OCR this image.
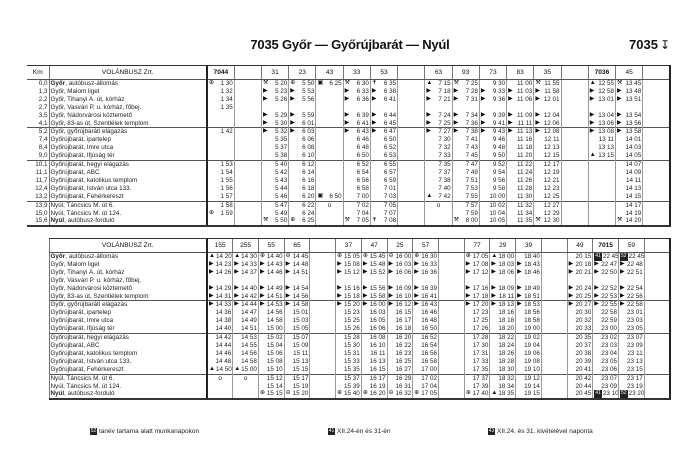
7035 Győr — Győrújbarát — Nyúl	7035 ↧
Km	VOLÁNBUSZ Zrt.	7044		31	23	43	33	53		63	93	73	83	35		7036	45	
0,0	Győr, autóbusz-állomás	⊕ 1 30		⚒ 5 20	⊕ 5 50	▣ 6 25	⚒ 6 30	✝ 6 35		▲ 7 15	⚒ 7 25	9 30	11 00	⚒ 11 55		▲ 12 55	⚒ 13 45	
1,3	Győr, Malom liget	1 32		▶ 5 23	▶ 5 53		▶ 6 33	▶ 6 38		▶ 7 18	▶ 7 28	▶ 9 33	▶ 11 03	▶ 11 58		▶ 12 58	▶ 13 48	
2,2	Győr, Tihanyi Á. út, kórház	1 34		▶ 5 26	▶ 5 56		▶ 6 36	▶ 6 41		▶ 7 21	▶ 7 31	▶ 9 36	▶ 11 06	▶ 12 01		▶ 13 01	▶ 13 51	
2,7	Győr, Vasvári P. u. kórház, főbej.	1 35																
3,5	Győr, Nádorvárosi köztemető			▶ 5 29	▶ 5 59		▶ 6 39	▶ 6 44		▶ 7 24	▶ 7 34	▶ 9 39	▶ 11 09	▶ 12 04		▶ 13 04	▶ 13 54	
4,1	Győr, 83-as út, Szentlélek templom			▶ 5 30	▶ 6 01		▶ 6 41	▶ 6 45		▶ 7 25	▶ 7 36	▶ 9 41	▶ 11 11	▶ 12 06		▶ 13 06	▶ 13 56	
5,2	Győr, győrújbaráti elágazás	1 42		▶ 5 32	▶ 6 03		▶ 6 43	▶ 6 47		▶ 7 27	▶ 7 38	▶ 9 43	▶ 11 13	▶ 12 08		▶ 13 08	▶ 13 58	
7,4	Győrújbarát, ipartelep			5 35	6 06		6 46	6 50		7 30	7 41	9 46	11 16	12 11		13 11	14 01	
8,4	Győrújbarát, Imre utca			5 37	6 08		6 48	6 52		7 32	7 43	9 48	11 18	12 13		13 13	14 03	
9,0	Győrújbarát, Ifjúság tér			5 38	6 10		6 50	6 53		7 33	7 45	9 50	11 20	12 15		▲ 13 15	14 05	
10,1	Győrújbarát, hegyi elágazás	1 53		5 40	6 12		6 52	6 55		7 35	7 47	9 52	11 22	12 17			14 07	
11,1	Győrújbarát, ABC	1 54		5 42	6 14		6 54	6 57		7 37	7 49	9 54	11 24	12 19			14 09	
11,7	Győrújbarát, katolikus templom	1 55		5 43	6 16		6 56	6 59		7 38	7 51	9 56	11 26	12 21			14 11	
12,4	Győrújbarát, István utca 133.	1 56		5 44	6 18		6 58	7 01		7 40	7 53	9 58	11 28	12 23			14 13	
13,2	Győrújbarát, Fehérkereszt	1 57		5 46	6 20	▣ 6 50	7 00	7 03		▲ 7 42	7 55	10 00	11 30	12 25			14 15	
13,9	Nyúl, Táncsics M. út 6.	1 58		5 47	6 22	o	7 02	7 05		o	7 57	10 02	11 32	12 27			14 17	
15,0	Nyúl, Táncsics M. út 124.	⊕ 1 59		5 49	6 24		7 04	7 07			7 59	10 04	11 34	12 29			14 19	
15,6	Nyúl, autóbusz-forduló			⚒ 5 50	⊕ 6 25		⚒ 7 05	✝ 7 08			⚒ 8 00	10 05	11 35	⚒ 12 30			⚒ 14 20	
	VOLÁNBUSZ Zrt.	155	255	55	65		37	47	25	57		77	29	39		49	7015	59	
	Győr, autóbusz-állomás	▲ 14 20	▲ 14 30	⊕ 14 40	⊖ 14 45		⊕ 15 05	⊕ 15 45	⊖ 16 00	⊕ 16 30		⊕ 17 05	▲ 18 00	18 40		20 15	41 22 45	52 22 45	
	Győr, Malom liget	▶ 14 23	▶ 14 33	▶ 14 43	▶ 14 48		▶ 15 08	▶ 15 48	▶ 16 03	▶ 16 33		▶ 17 08	▶ 18 03	▶ 18 43		▶ 20 18	▶ 22 47	▶ 22 48	
	Győr, Tihanyi Á. út, kórház	▶ 14 26	▶ 14 37	▶ 14 46	▶ 14 51		▶ 15 12	▶ 15 52	▶ 16 06	▶ 16 36		▶ 17 12	▶ 18 06	▶ 18 46		▶ 20 21	▶ 22 50	▶ 22 51	
	Győr, Vasvári P. u. kórház, főbej.																		
	Győr, Nádorvárosi köztemető	▶ 14 29	▶ 14 40	▶ 14 49	▶ 14 54		▶ 15 16	▶ 15 56	▶ 16 09	▶ 16 39		▶ 17 16	▶ 18 09	▶ 18 49		▶ 20 24	▶ 22 52	▶ 22 54	
	Győr, 83-as út, Szentlélek templom	▶ 14 31	▶ 14 42	▶ 14 51	▶ 14 56		▶ 15 18	▶ 15 58	▶ 16 10	▶ 16 41		▶ 17 18	▶ 18 11	▶ 18 51		▶ 20 25	▶ 22 53	▶ 22 56	
	Győr, győrújbaráti elágazás	▶ 14 33	▶ 14 44	▶ 14 53	▶ 14 58		▶ 15 20	▶ 16 00	▶ 16 12	▶ 16 43		▶ 17 20	▶ 18 13	▶ 18 53		▶ 20 27	▶ 22 55	▶ 22 58	
	Győrújbarát, ipartelep	14 36	14 47	14 56	15 01		15 23	16 03	16 15	16 46		17 23	18 16	18 56		20 30	22 58	23 01	
	Győrújbarát, Imre utca	14 38	14 49	14 58	15 03		15 25	16 05	16 17	16 48		17 25	18 18	18 58		20 32	22 59	23 03	
	Győrújbarát, Ifjúság tér	14 40	14 51	15 00	15 05		15 26	16 06	16 18	16 50		17 26	18 20	19 00		20 33	23 00	23 05	
	Győrújbarát, hegyi elágazás	14 42	14 53	15 02	15 07		15 28	16 08	16 20	16 52		17 28	18 22	19 02		20 35	23 02	23 07	
	Győrújbarát, ABC	14 44	14 55	15 04	15 09		15 30	16 10	16 22	16 54		17 30	18 24	19 04		20 37	23 03	23 09	
	Győrújbarát, katolikus templom	14 46	14 56	15 06	15 11		15 31	16 11	16 23	16 56		17 31	18 26	19 06		20 38	23 04	23 11	
	Győrújbarát, István utca 133.	14 48	14 58	15 08	15 13		15 33	16 13	16 25	16 58		17 33	18 28	19 08		20 39	23 05	23 13	
	Győrújbarát, Fehérkereszt	▲ 14 50	▲ 15 00	15 10	15 15		15 35	16 15	16 27	17 00		17 35	18 30	19 10		20 41	23 06	23 15	
	Nyúl, Táncsics M. út 6.	o	o	15 12	15 17		15 37	16 17	16 29	17 02		17 37	18 32	19 12		20 42	23 07	23 17	
	Nyúl, Táncsics M. út 124.			15 14	15 19		15 39	16 19	16 31	17 04		17 39	18 34	19 14		20 44	23 09	23 19	
	Nyúl, autóbusz-forduló			⊕ 15 15	⊖ 15 20		⊕ 15 40	⊕ 16 20	⊖ 16 32	⊕ 17 05		⊕ 17 40	▲ 18 35	19 15		20 45	41 23 10	52 23 20	
52 tanév tartama alatt munkanapokon	41 XII.24-én és 31-én	43 XII.24. és 31. kivételével naponta
